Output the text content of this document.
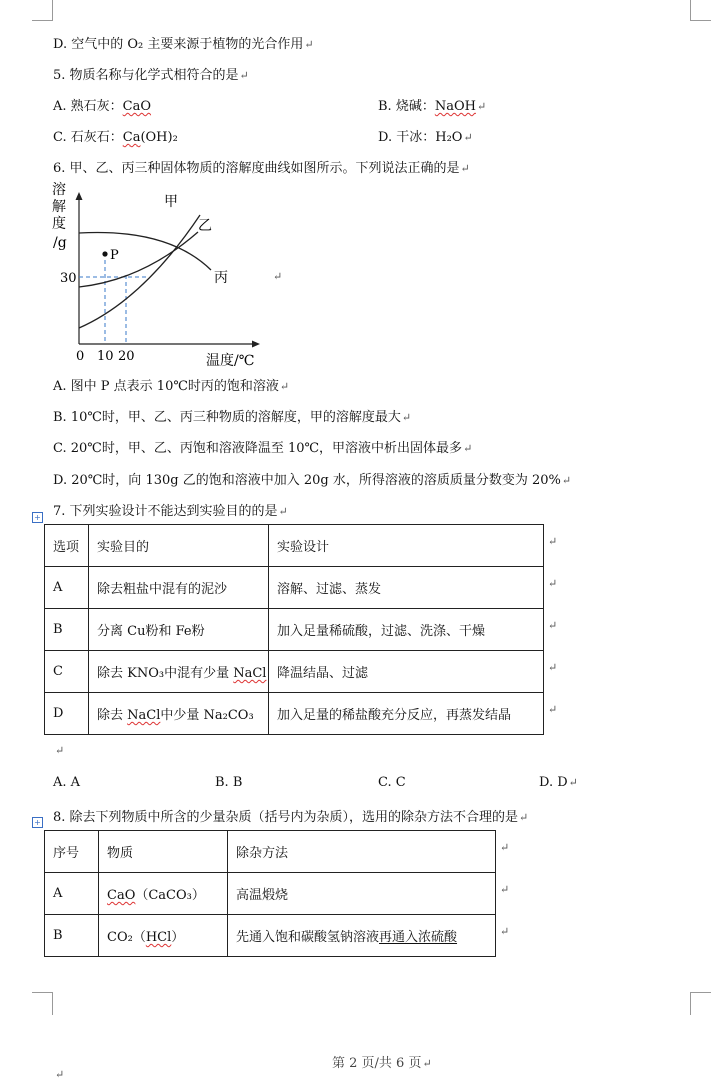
D. 空气中的 O₂ 主要来源于植物的光合作用↵
5. 物质名称与化学式相符合的是↵
A. 熟石灰：CaO	B. 烧碱：NaOH↵
C. 石灰石：Ca(OH)₂	D. 干冰：H₂O↵
6. 甲、乙、丙三种固体物质的溶解度曲线如图所示。下列说法正确的是↵
溶
解
度
/g
P
甲
乙
丙
30
0 10 20	温度/℃
↵
A. 图中 P 点表示 10℃时丙的饱和溶液↵
B. 10℃时，甲、乙、丙三种物质的溶解度，甲的溶解度最大↵
C. 20℃时，甲、乙、丙饱和溶液降温至 10℃，甲溶液中析出固体最多↵
D. 20℃时，向 130g 乙的饱和溶液中加入 20g 水，所得溶液的溶质质量分数变为 20%↵
+ 7. 下列实验设计不能达到实验目的的是↵
选项	实验目的	实验设计
A	除去粗盐中混有的泥沙	溶解、过滤、蒸发
B	分离 Cu粉和 Fe粉	加入足量稀硫酸，过滤、洗涤、干燥
C	除去 KNO₃中混有少量 NaCl	降温结晶、过滤
D	除去 NaCl中少量 Na₂CO₃	加入足量的稀盐酸充分反应，再蒸发结晶
↵
↵
↵
↵
↵
↵
A. A	B. B	C. C	D. D↵
+ 8. 除去下列物质中所含的少量杂质（括号内为杂质），选用的除杂方法不合理的是↵
序号	物质	除杂方法
A	CaO（CaCO₃）	高温煅烧
B	CO₂（HCl）	先通入饱和碳酸氢钠溶液再通入浓硫酸
↵
↵
↵
第 2 页/共 6 页↵
↵
